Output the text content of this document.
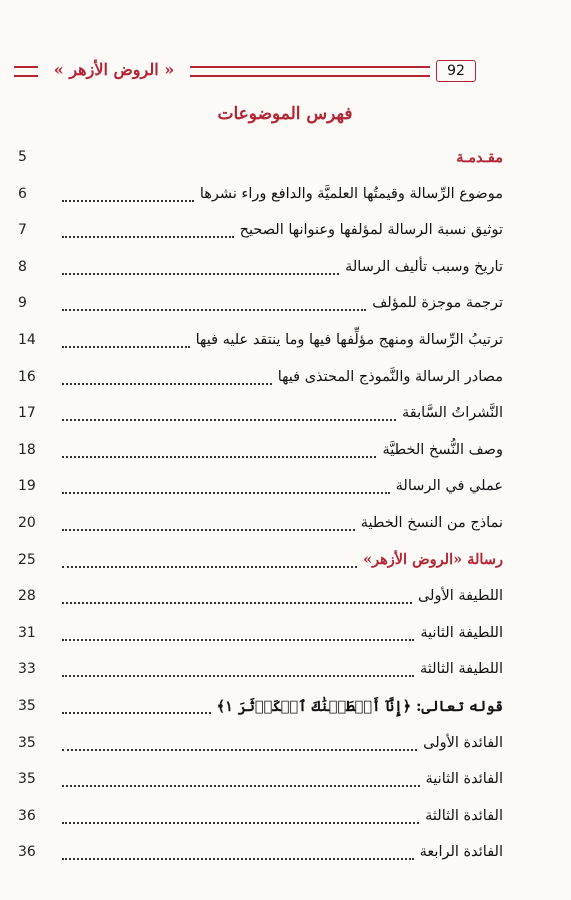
« الروض الأزهر »	92
فهرس الموضوعات
5	مقـدمـة
6	موضوع الرِّسالة وقيمتُها العلميَّة والدافع وراء نشرها
7	توثيق نسبة الرسالة لمؤلفها وعنوانها الصحيح
8	تاريخ وسبب تأليف الرسالة
9	ترجمة موجزة للمؤلف
14	ترتيبُ الرِّسالة ومنهج مؤلِّفها فيها وما ينتقد عليه فيها
16	مصادر الرسالة والنَّموذج المحتذى فيها
17	النَّشراتُ السَّابقة
18	وصف النُّسخ الخطيَّة
19	عملي في الرسالة
20	نماذج من النسخ الخطية
25	رسالة «الروض الأزهر»
28	اللطيفة الأولى
31	اللطيفة الثانية
33	اللطيفة الثالثة
35	قوله تعالى: ﴿إِنَّآ أَعۡطَيۡنَٰكَ ٱلۡكَوۡثَرَ ١﴾
35	الفائدة الأولى
35	الفائدة الثانية
36	الفائدة الثالثة
36	الفائدة الرابعة
